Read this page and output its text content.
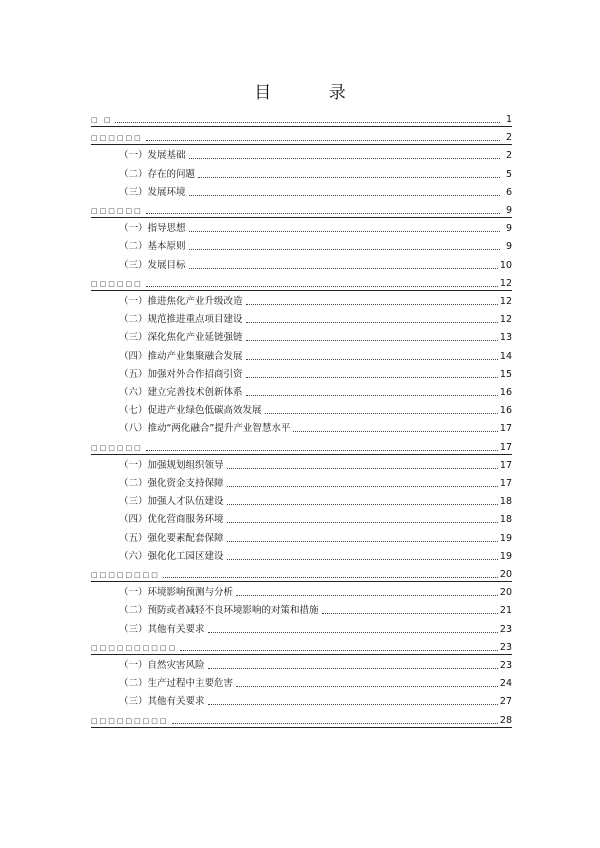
目 录
□ □	1
□□□□□□	2
（一）发展基础	2
（二）存在的问题	5
（三）发展环境	6
□□□□□□	9
（一）指导思想	9
（二）基本原则	9
（三）发展目标	10
□□□□□□	12
（一）推进焦化产业升级改造	12
（二）规范推进重点项目建设	12
（三）深化焦化产业延链强链	13
（四）推动产业集聚融合发展	14
（五）加强对外合作招商引资	15
（六）建立完善技术创新体系	16
（七）促进产业绿色低碳高效发展	16
（八）推动“两化融合”提升产业智慧水平	17
□□□□□□	17
（一）加强规划组织领导	17
（二）强化资金支持保障	17
（三）加强人才队伍建设	18
（四）优化营商服务环境	18
（五）强化要素配套保障	19
（六）强化化工园区建设	19
□□□□□□□□	20
（一）环境影响预测与分析	20
（二）预防或者减轻不良环境影响的对策和措施	21
（三）其他有关要求	23
□□□□□□□□□□	23
（一）自然灾害风险	23
（二）生产过程中主要危害	24
（三）其他有关要求	27
□□□□□□□□□	28
